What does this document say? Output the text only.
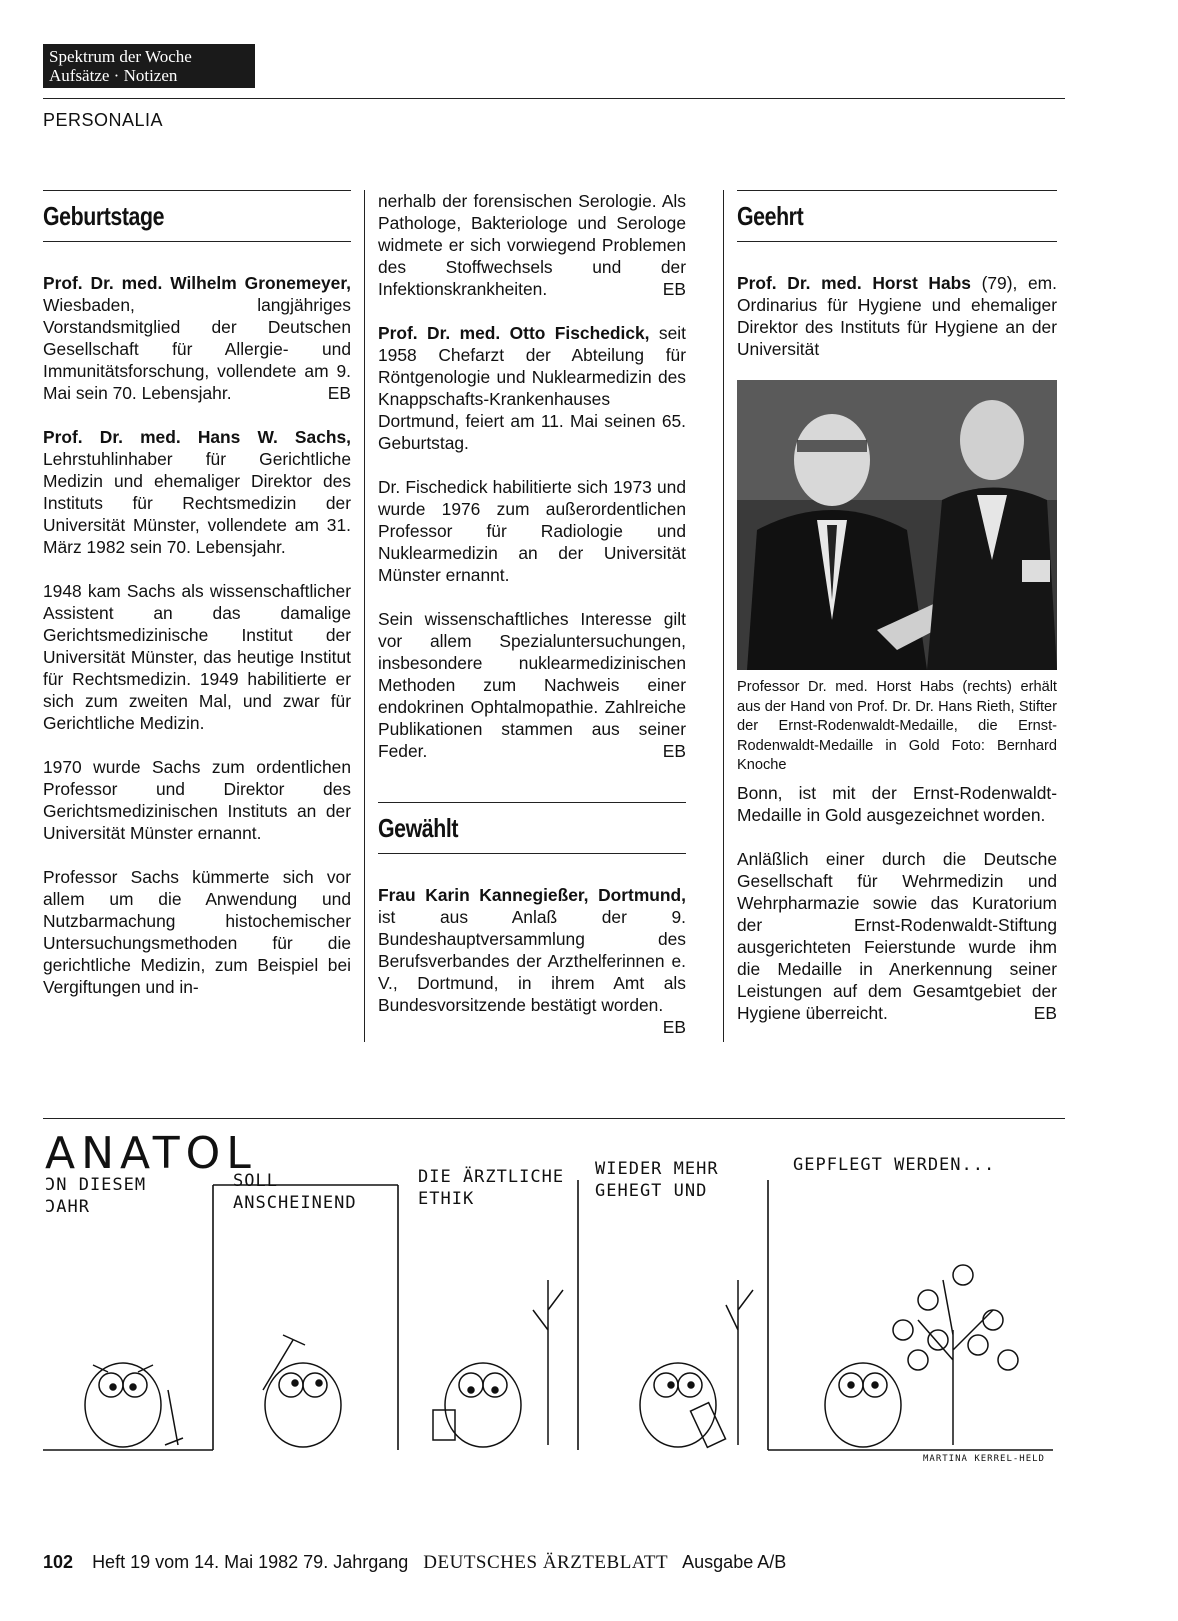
Spektrum der Woche
Aufsätze · Notizen
PERSONALIA
Geburtstage

Prof. Dr. med. Wilhelm Gronemeyer, Wiesbaden, langjähriges Vorstandsmitglied der Deutschen Gesellschaft für Allergie- und Immunitätsforschung, vollendete am 9. Mai sein 70. Lebensjahr.	EB

Prof. Dr. med. Hans W. Sachs, Lehrstuhlinhaber für Gerichtliche Medizin und ehemaliger Direktor des Instituts für Rechtsmedizin der Universität Münster, vollendete am 31. März 1982 sein 70. Lebensjahr.

1948 kam Sachs als wissenschaftlicher Assistent an das damalige Gerichtsmedizinische Institut der Universität Münster, das heutige Institut für Rechtsmedizin. 1949 habilitierte er sich zum zweiten Mal, und zwar für Gerichtliche Medizin.

1970 wurde Sachs zum ordentlichen Professor und Direktor des Gerichtsmedizinischen Instituts an der Universität Münster ernannt.

Professor Sachs kümmerte sich vor allem um die Anwendung und Nutzbarmachung histochemischer Untersuchungsmethoden für die gerichtliche Medizin, zum Beispiel bei Vergiftungen und in-

nerhalb der forensischen Serologie. Als Pathologe, Bakteriologe und Serologe widmete er sich vorwiegend Problemen des Stoffwechsels und der Infektionskrankheiten.	EB

Prof. Dr. med. Otto Fischedick, seit 1958 Chefarzt der Abteilung für Röntgenologie und Nuklearmedizin des Knappschafts-Krankenhauses Dortmund, feiert am 11. Mai seinen 65. Geburtstag.

Dr. Fischedick habilitierte sich 1973 und wurde 1976 zum außerordentlichen Professor für Radiologie und Nuklearmedizin an der Universität Münster ernannt.

Sein wissenschaftliches Interesse gilt vor allem Spezialuntersuchungen, insbesondere nuklearmedizinischen Methoden zum Nachweis einer endokrinen Ophtalmopathie. Zahlreiche Publikationen stammen aus seiner Feder.	EB

Gewählt

Frau Karin Kannegießer, Dortmund, ist aus Anlaß der 9. Bundeshauptversammlung des Berufsverbandes der Arzthelferinnen e. V., Dortmund, in ihrem Amt als Bundesvorsitzende bestätigt worden.
EB

Geehrt

Prof. Dr. med. Horst Habs (79), em. Ordinarius für Hygiene und ehemaliger Direktor des Instituts für Hygiene an der Universität

Professor Dr. med. Horst Habs (rechts) erhält aus der Hand von Prof. Dr. Dr. Hans Rieth, Stifter der Ernst-Rodenwaldt-Medaille, die Ernst-Rodenwaldt-Medaille in Gold Foto: Bernhard Knoche

Bonn, ist mit der Ernst-Rodenwaldt-Medaille in Gold ausgezeichnet worden.

Anläßlich einer durch die Deutsche Gesellschaft für Wehrmedizin und Wehrpharmazie sowie das Kuratorium der Ernst-Rodenwaldt-Stiftung ausgerichteten Feierstunde wurde ihm die Medaille in Anerkennung seiner Leistungen auf dem Gesamtgebiet der Hygiene überreicht.	EB

ANATOL
ƆN DIESEM ƆAHR
SOLL ANSCHEINEND
DIE ÄRZTLICHE ETHIK
WIEDER MEHR GEHEGT UND
GEPFLEGT WERDEN...
MARTINA KERREL-HELD
102 Heft 19 vom 14. Mai 1982 79. Jahrgang DEUTSCHES ÄRZTEBLATT Ausgabe A/B
